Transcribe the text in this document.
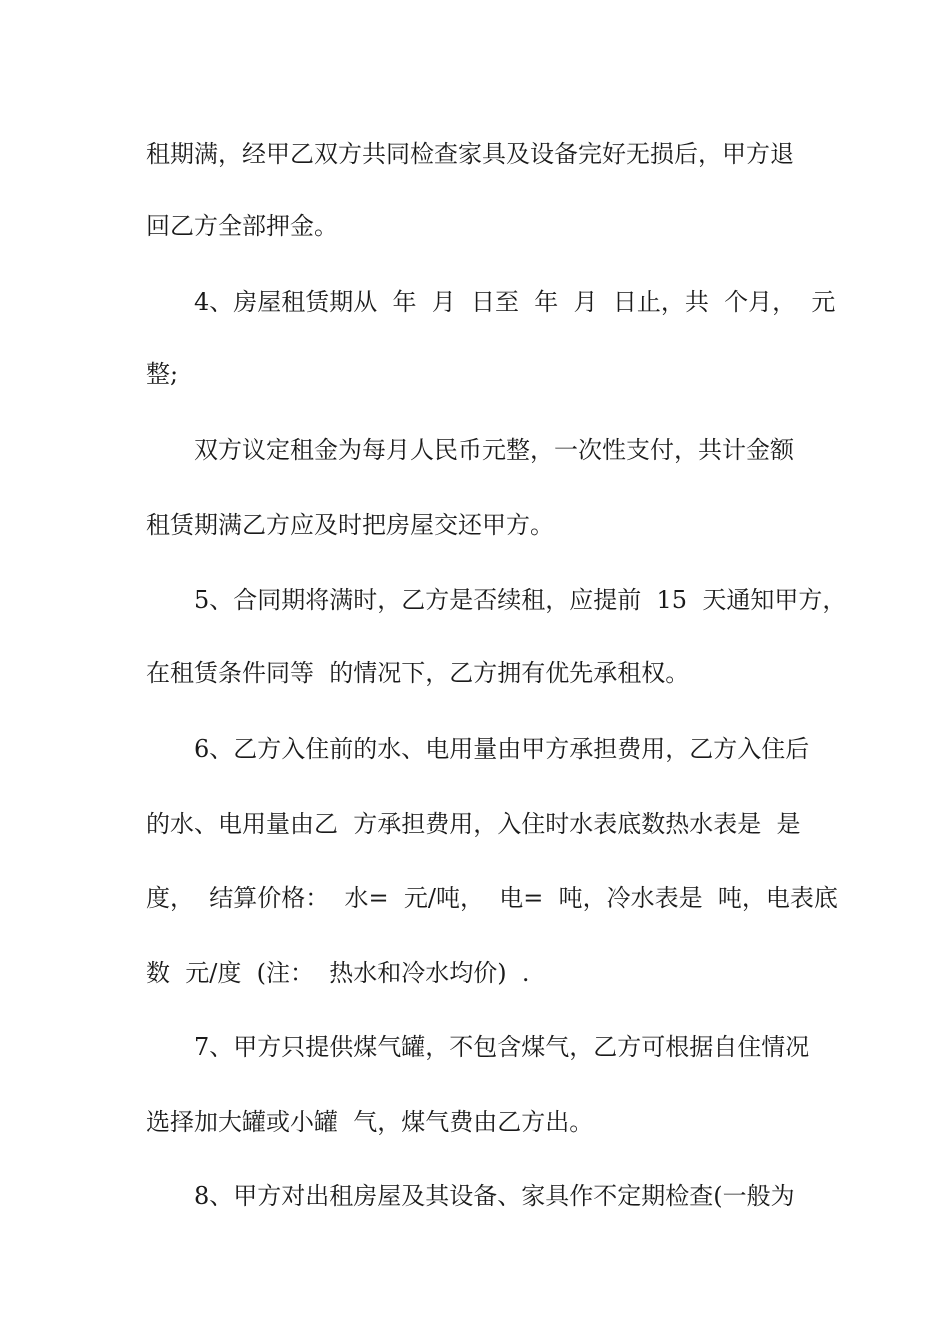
租期满，经甲乙双方共同检查家具及设备完好无损后，甲方退
回乙方全部押金。
4、房屋租赁期从  年  月  日至  年  月  日止，共  个月，  元
整;
双方议定租金为每月人民币元整，一次性支付，共计金额
租赁期满乙方应及时把房屋交还甲方。
5、合同期将满时，乙方是否续租，应提前  15  天通知甲方，
在租赁条件同等  的情况下，乙方拥有优先承租权。
6、乙方入住前的水、电用量由甲方承担费用，乙方入住后
的水、电用量由乙  方承担费用，入住时水表底数热水表是  是
度，  结算价格：  水=  元/吨，  电=  吨，冷水表是  吨，电表底
数  元/度  (注：  热水和冷水均价)  .
7、甲方只提供煤气罐，不包含煤气，乙方可根据自住情况
选择加大罐或小罐  气，煤气费由乙方出。
8、甲方对出租房屋及其设备、家具作不定期检查(一般为
